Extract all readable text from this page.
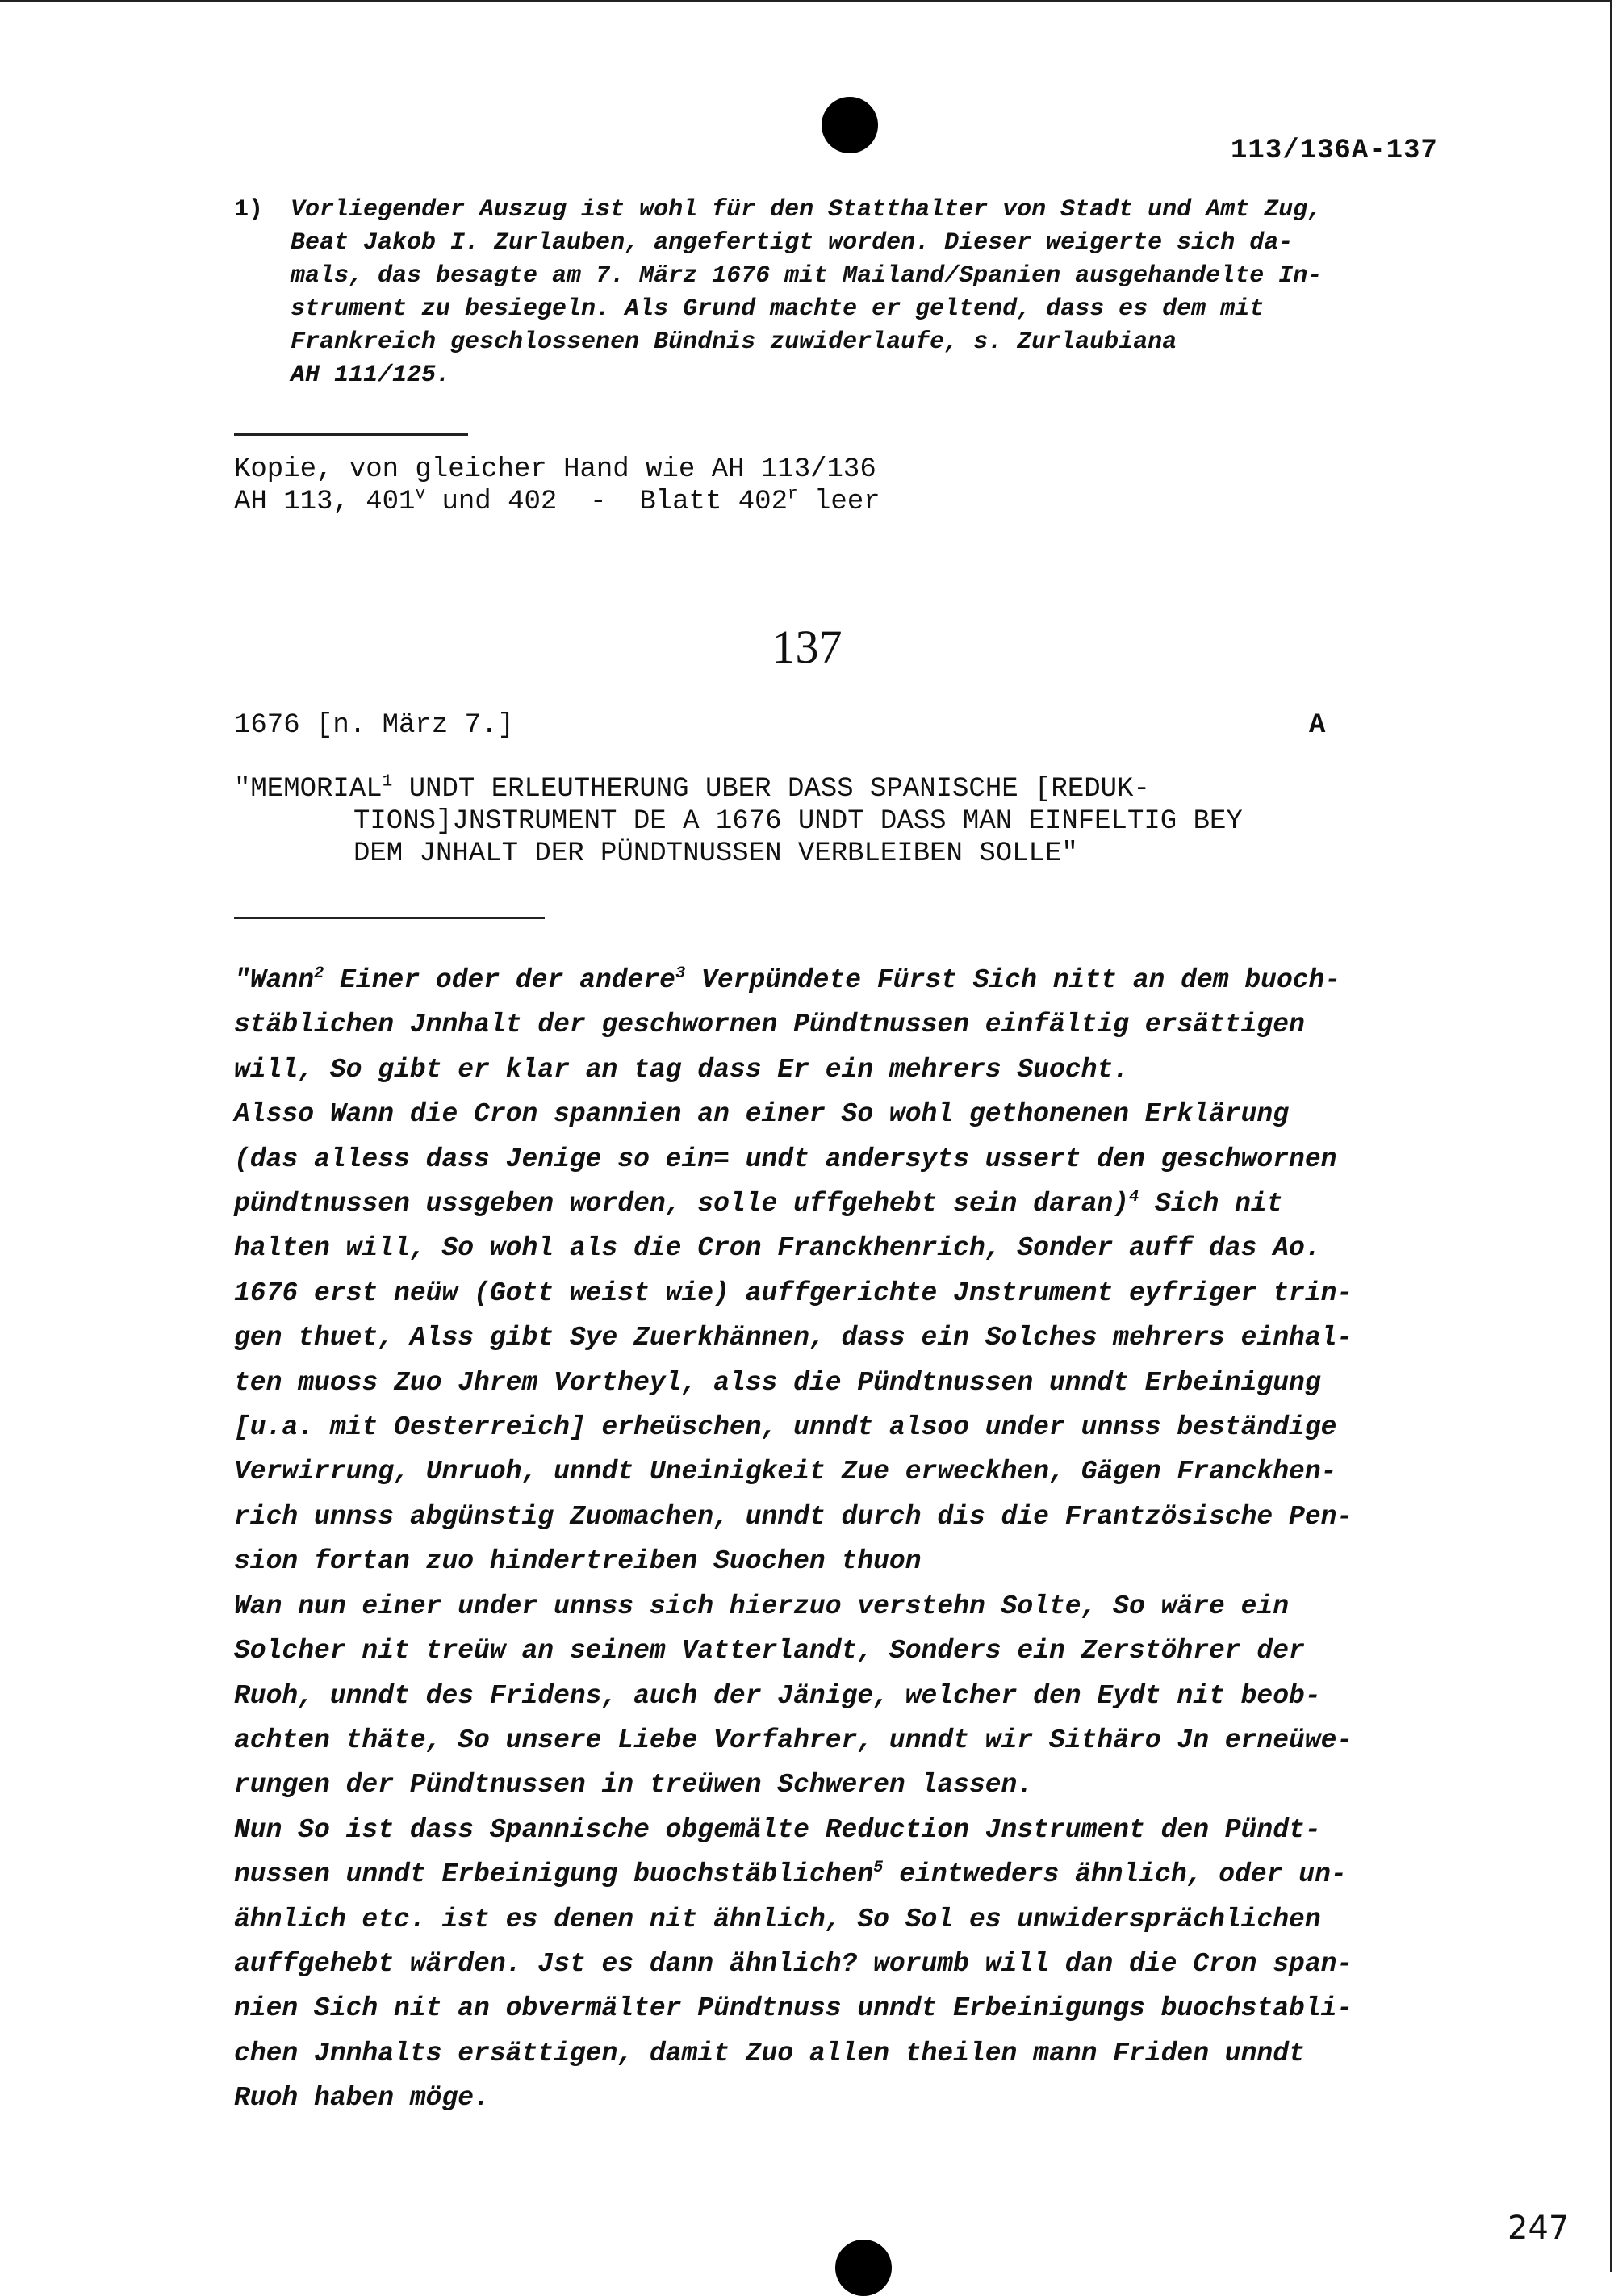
113/136A-137
1) Vorliegender Auszug ist wohl für den Statthalter von Stadt und Amt Zug,
Beat Jakob I. Zurlauben, angefertigt worden. Dieser weigerte sich da-
mals, das besagte am 7. März 1676 mit Mailand/Spanien ausgehandelte In-
strument zu besiegeln. Als Grund machte er geltend, dass es dem mit
Frankreich geschlossenen Bündnis zuwiderlaufe, s. Zurlaubiana
AH 111/125.
Kopie, von gleicher Hand wie AH 113/136
AH 113, 401$^v$ und 402  -  Blatt 402$^r$ leer
137
1676 [n. März 7.]	A
"MEMORIAL$^1$ UNDT ERLEUTHERUNG UBER DASS SPANISCHE [REDUK-
TIONS]JNSTRUMENT DE A 1676 UNDT DASS MAN EINFELTIG BEY
DEM JNHALT DER PÜNDTNUSSEN VERBLEIBEN SOLLE"
"Wann$^2$ Einer oder der andere$^3$ Verpündete Fürst Sich nitt an dem buoch-
stäblichen Jnnhalt der geschwornen Pündtnussen einfältig ersättigen
will, So gibt er klar an tag dass Er ein mehrers Suocht.
Alsso Wann die Cron spannien an einer So wohl gethonenen Erklärung
(das alless dass Jenige so ein= undt andersyts ussert den geschwornen
pündtnussen ussgeben worden, solle uffgehebt sein daran)$^4$ Sich nit
halten will, So wohl als die Cron Franckhenrich, Sonder auff das Ao.
1676 erst neüw (Gott weist wie) auffgerichte Jnstrument eyfriger trin-
gen thuet, Alss gibt Sye Zuerkhännen, dass ein Solches mehrers einhal-
ten muoss Zuo Jhrem Vortheyl, alss die Pündtnussen unndt Erbeinigung
[u.a. mit Oesterreich] erheüschen, unndt alsoo under unnss beständige
Verwirrung, Unruoh, unndt Uneinigkeit Zue erweckhen, Gägen Franckhen-
rich unnss abgünstig Zuomachen, unndt durch dis die Frantzösische Pen-
sion fortan zuo hindertreiben Suochen thuon
Wan nun einer under unnss sich hierzuo verstehn Solte, So wäre ein
Solcher nit treüw an seinem Vatterlandt, Sonders ein Zerstöhrer der
Ruoh, unndt des Fridens, auch der Jänige, welcher den Eydt nit beob-
achten thäte, So unsere Liebe Vorfahrer, unndt wir Sithäro Jn erneüwe-
rungen der Pündtnussen in treüwen Schweren lassen.
Nun So ist dass Spannische obgemälte Reduction Jnstrument den Pündt-
nussen unndt Erbeinigung buochstäblichen$^5$ eintweders ähnlich, oder un-
ähnlich etc. ist es denen nit ähnlich, So Sol es unwidersprächlichen
auffgehebt wärden. Jst es dann ähnlich? worumb will dan die Cron span-
nien Sich nit an obvermälter Pündtnuss unndt Erbeinigungs buochstabli-
chen Jnnhalts ersättigen, damit Zuo allen theilen mann Friden unndt
Ruoh haben möge.
247
